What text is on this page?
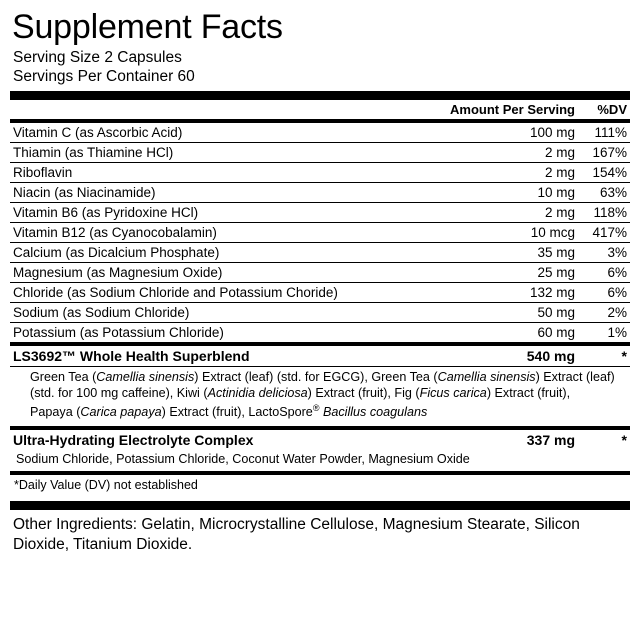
Supplement Facts
Serving Size 2 Capsules
Servings Per Container 60
	Amount Per Serving	%DV
Vitamin C (as Ascorbic Acid)	100 mg	111%
Thiamin (as Thiamine HCl)	2 mg	167%
Riboflavin	2 mg	154%
Niacin (as Niacinamide)	10 mg	63%
Vitamin B6 (as Pyridoxine HCl)	2 mg	118%
Vitamin B12 (as Cyanocobalamin)	10 mcg	417%
Calcium (as Dicalcium Phosphate)	35 mg	3%
Magnesium (as Magnesium Oxide)	25 mg	6%
Chloride (as Sodium Chloride and Potassium Choride)	132 mg	6%
Sodium (as Sodium Chloride)	50 mg	2%
Potassium (as Potassium Chloride)	60 mg	1%
LS3692™ Whole Health Superblend	540 mg	*
Green Tea (Camellia sinensis) Extract (leaf) (std. for EGCG), Green Tea (Camellia sinensis) Extract (leaf) (std. for 100 mg caffeine), Kiwi (Actinidia deliciosa) Extract (fruit), Fig (Ficus carica) Extract (fruit), Papaya (Carica papaya) Extract (fruit), LactoSpore® Bacillus coagulans
Ultra-Hydrating Electrolyte Complex	337 mg	*
Sodium Chloride, Potassium Chloride, Coconut Water Powder, Magnesium Oxide
*Daily Value (DV) not established
Other Ingredients: Gelatin, Microcrystalline Cellulose, Magnesium Stearate, Silicon Dioxide, Titanium Dioxide.
